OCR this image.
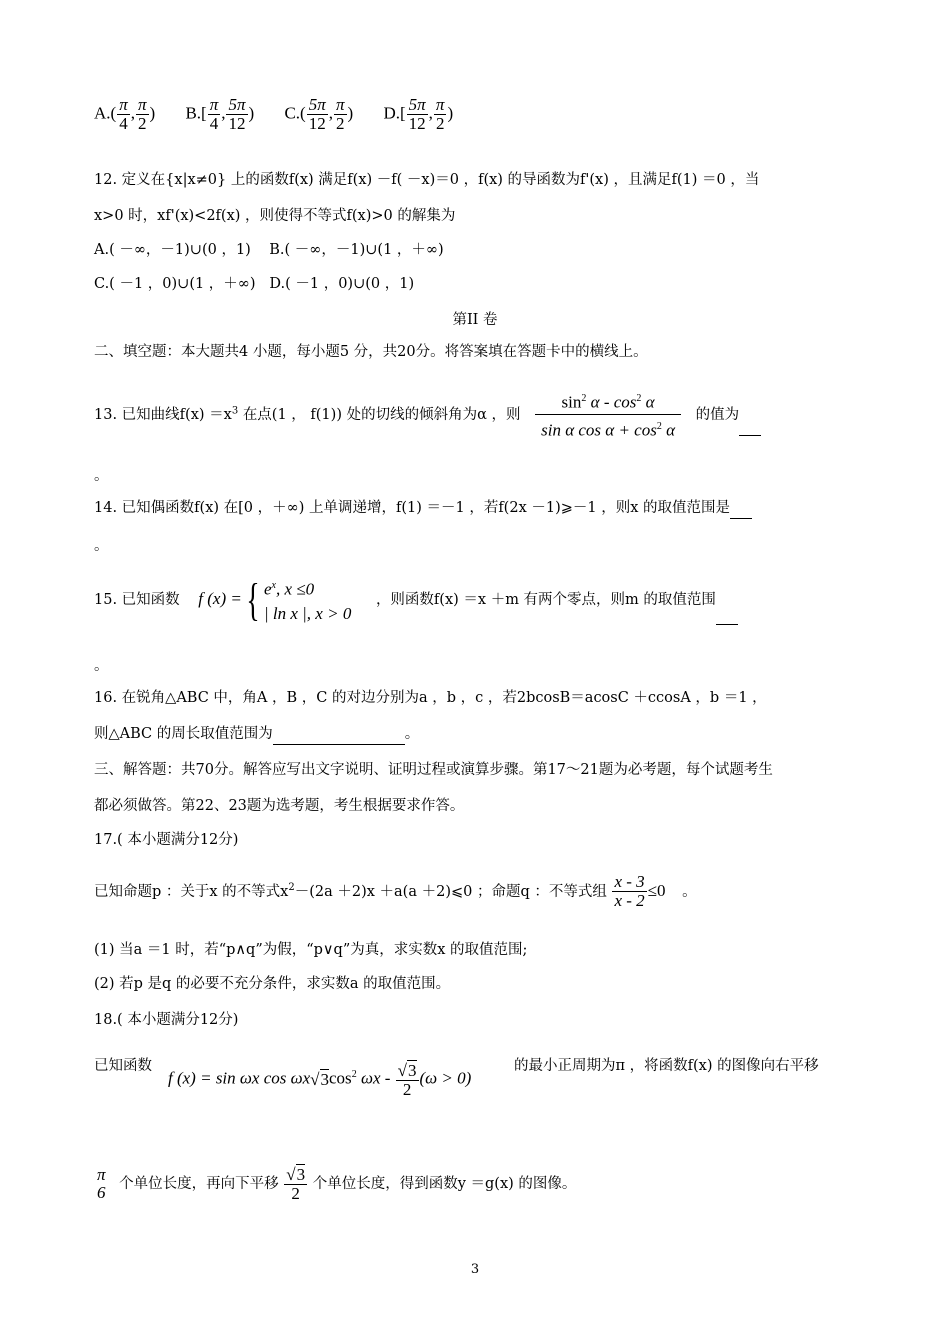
$A.( \frac{\pi}{4}$ , $\frac{\pi}{2}$ ) $B.[ \frac{\pi}{4}$ , $\frac{5\pi}{12}$ ) $C.( \frac{5\pi}{12}$ , $\frac{\pi}{2}$ ) $D.[ \frac{5\pi}{12}$ , $\frac{\pi}{2}$ )
12. 定义在{x|x≠0} 上的函数f(x) 满足f(x) －f( －x)＝0 ，f(x) 的导函数为f'(x) ，且满足f(1) ＝0 ，当
x>0 时，xf'(x)<2f(x) ，则使得不等式f(x)>0 的解集为
A.( －∞，－1)∪(0 ，1) B.( －∞，－1)∪(1 ，＋∞)
C.( －1 ，0)∪(1 ，＋∞) D.( －1 ，0)∪(0 ，1)
第II 卷
二、填空题：本大题共4 小题，每小题5 分，共20分。将答案填在答题卡中的横线上。
13. 已知曲线$f(x) =x^3$ 在点(1 ， f(1)) 处的切线的倾斜角为α ，则 $\frac{\sin^2 \alpha - \cos^2 \alpha}{\sin \alpha \cos \alpha + \cos^2 \alpha}$ 的值为
。
14. 已知偶函数f(x) 在[0 ，＋∞) 上单调递增，f(1) ＝－1 ，若f(2x －1)⩾－1 ，则x 的取值范围是
。
15. 已知函数 f (x) ={ $e^x$, x ≤0
| ln x |, x > 0
，则函数f(x) ＝x ＋m 有两个零点，则m 的取值范围
。
16. 在锐角△ABC 中，角A ，B ，C 的对边分别为a ，b ，c ，若2bcosB＝acosC ＋ccosA ，b ＝1 ，
则△ABC 的周长取值范围为	。
三、解答题：共70分。解答应写出文字说明、证明过程或演算步骤。第17～21题为必考题，每个试题考生
都必须做答。第22、23题为选考题，考生根据要求作答。
17.( 本小题满分12分)
已知命题p ：关于x 的不等式$x^2-(2a +2)x +a(a$ ＋2)⩽0 ；命题q ：不等式组 $\frac{x - 3}{x - 2} \le 0$ 。
(1) 当a ＝1 时，若“p∧q”为假，“p∨q”为真，求实数x 的取值范围;
(2) 若p 是q 的必要不充分条件，求实数a 的取值范围。
18.( 本小题满分12分)
已知函数
f (x) = sin ωx $\cos \omega x√3\cos^2$ $\omega x - \frac{√3}{2} (\omega > 0)$
的最小正周期为π ，将函数f(x) 的图像向右平移
π
6 个单位长度，再向下平移 $\frac{√3}{2}$ 个单位长度，得到函数y ＝g(x) 的图像。
3
